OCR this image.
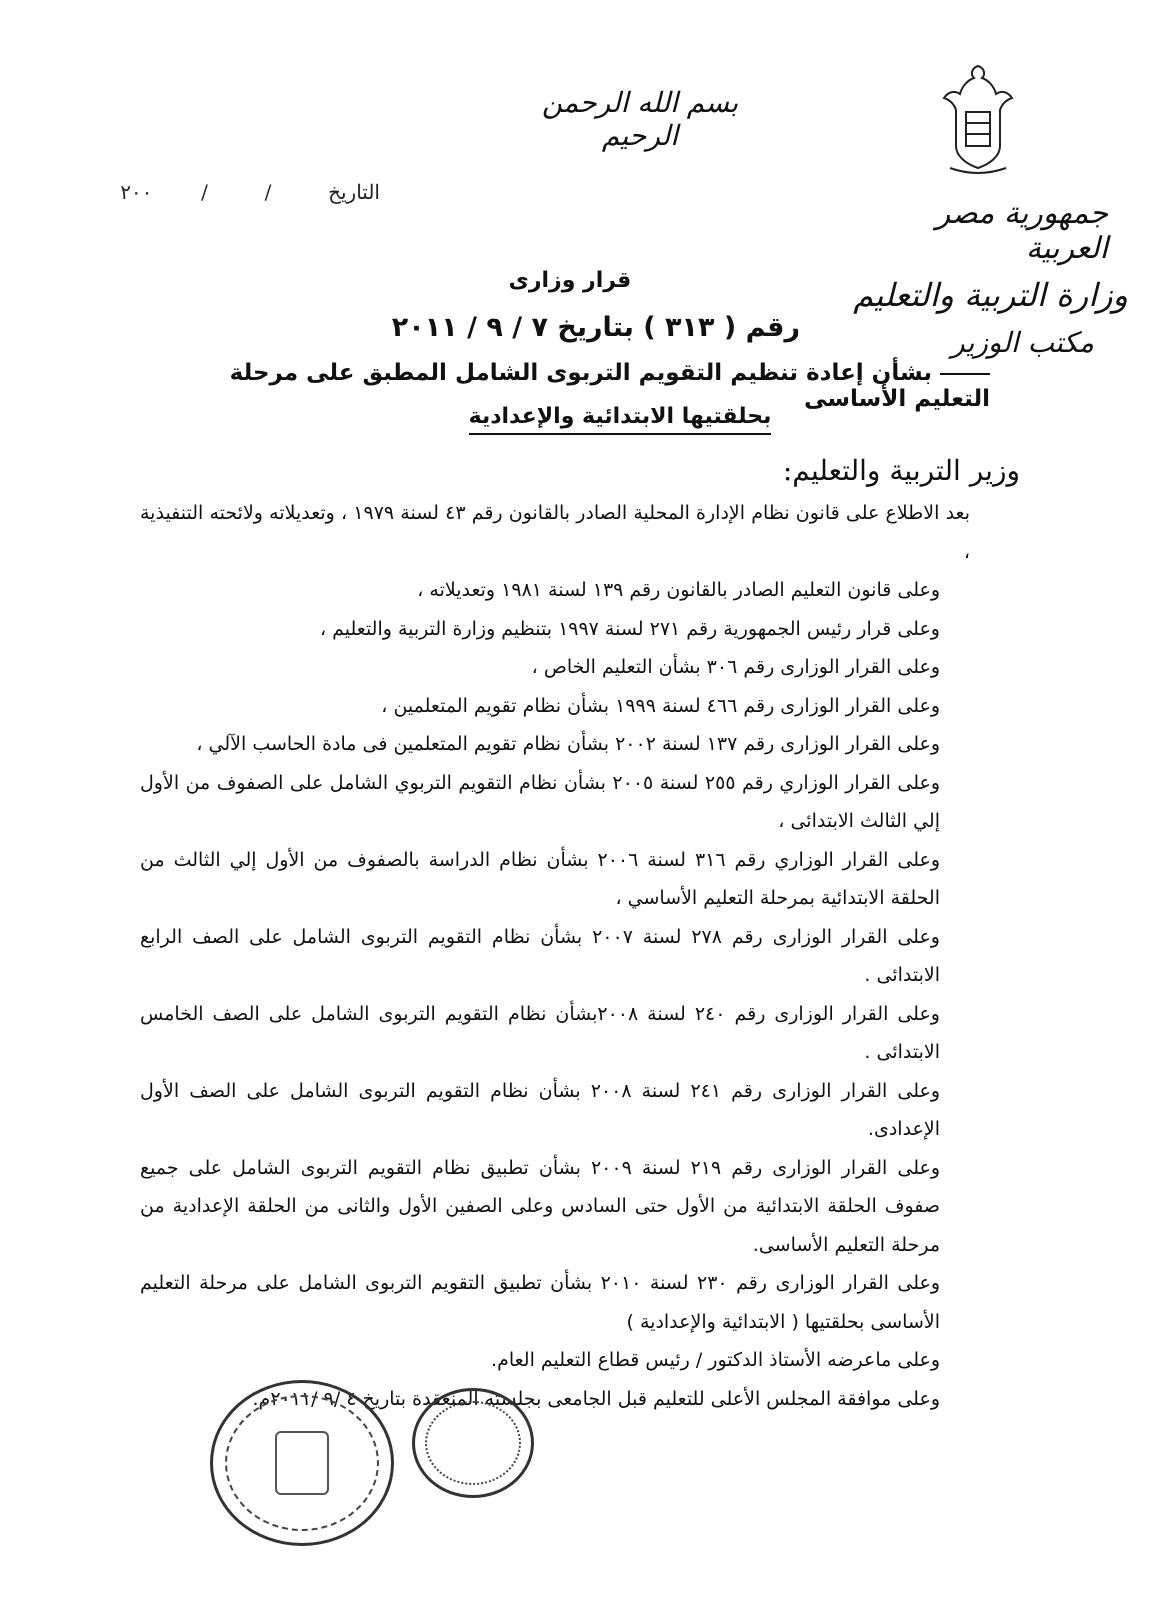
بسم الله الرحمن الرحيم
التاريخ  /  /  ٢٠٠
جمهورية مصر العربية
وزارة التربية والتعليم
مكتب الوزير
قرار وزارى
رقم ( ٣١٣ ) بتاريخ ٧ / ٩ / ٢٠١١
بشأن إعادة تنظيم التقويم التربوى الشامل المطبق على مرحلة التعليم الأساسى
بحلقتيها الابتدائية والإعدادية
وزير التربية والتعليم:

بعد الاطلاع على قانون نظام الإدارة المحلية الصادر بالقانون رقم ٤٣ لسنة ١٩٧٩ ، وتعديلاته ولائحته التنفيذية ،

وعلى قانون التعليم الصادر بالقانون رقم ١٣٩ لسنة ١٩٨١ وتعديلاته ،

وعلى قرار رئيس الجمهورية رقم ٢٧١ لسنة ١٩٩٧ بتنظيم وزارة التربية والتعليم ،

وعلى القرار الوزارى رقم ٣٠٦ بشأن التعليم الخاص ،

وعلى القرار الوزارى رقم ٤٦٦ لسنة ١٩٩٩ بشأن نظام تقويم المتعلمين ،

وعلى القرار الوزارى رقم ١٣٧ لسنة ٢٠٠٢ بشأن نظام تقويم المتعلمين فى مادة الحاسب الآلي ،

وعلى القرار الوزاري رقم ٢٥٥ لسنة ٢٠٠٥ بشأن نظام التقويم التربوي الشامل على الصفوف من الأول إلي الثالث الابتدائى ،

وعلى القرار الوزاري رقم ٣١٦ لسنة ٢٠٠٦ بشأن نظام الدراسة بالصفوف من الأول إلي الثالث من الحلقة الابتدائية بمرحلة التعليم الأساسي ،

وعلى القرار الوزارى رقم ٢٧٨ لسنة ٢٠٠٧ بشأن نظام التقويم التربوى الشامل على الصف الرابع الابتدائى .

وعلى القرار الوزارى رقم ٢٤٠ لسنة ٢٠٠٨بشأن نظام التقويم التربوى الشامل على الصف الخامس الابتدائى .

وعلى القرار الوزارى رقم ٢٤١ لسنة ٢٠٠٨ بشأن نظام التقويم التربوى الشامل على الصف الأول الإعدادى.

وعلى القرار الوزارى رقم ٢١٩ لسنة ٢٠٠٩ بشأن تطبيق نظام التقويم التربوى الشامل على جميع صفوف الحلقة الابتدائية من الأول حتى السادس وعلى الصفين الأول والثانى من الحلقة الإعدادية من مرحلة التعليم الأساسى.

وعلى القرار الوزارى رقم ٢٣٠ لسنة ٢٠١٠ بشأن تطبيق التقويم التربوى الشامل على مرحلة التعليم الأساسى بحلقتيها ( الابتدائية والإعدادية )

وعلى ماعرضه الأستاذ الدكتور / رئيس قطاع التعليم العام.

وعلى موافقة المجلس الأعلى للتعليم قبل الجامعى بجلسته المنعقدة بتاريخ ٤ /٩ /٢٠١١م.
